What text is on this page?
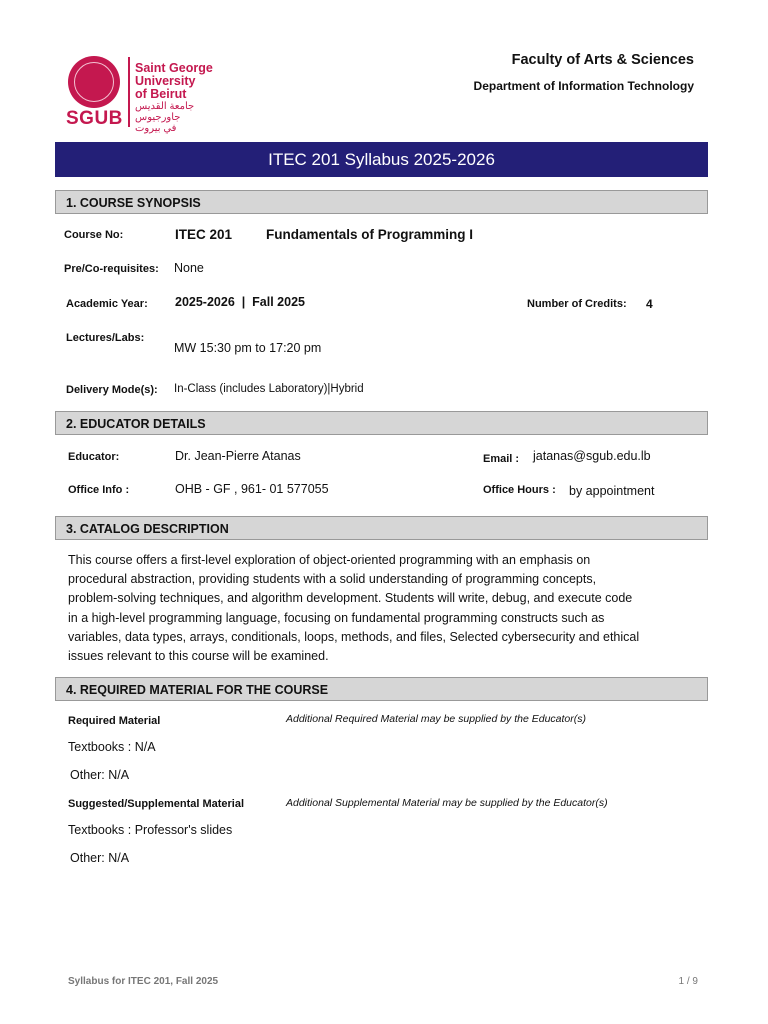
SGUB
Saint George
University
of Beirut
جامعة القديس جاورجيوس
في بيروت
Faculty of Arts & Sciences
Department of Information Technology
ITEC 201 Syllabus 2025-2026
1. COURSE SYNOPSIS
Course No:	ITEC 201	Fundamentals of Programming I
Pre/Co-requisites: None
Academic Year: 2025-2026  |  Fall 2025	Number of Credits: 4
Lectures/Labs:
MW 15:30 pm to 17:20 pm
Delivery Mode(s): In-Class (includes Laboratory)|Hybrid
2. EDUCATOR DETAILS
Educator:	Dr. Jean-Pierre Atanas	Email : jatanas@sgub.edu.lb
Office Info :	OHB - GF , 961- 01 577055	Office Hours : by appointment
3. CATALOG DESCRIPTION
This course offers a first-level exploration of object-oriented programming with an emphasis on
procedural abstraction, providing students with a solid understanding of programming concepts,
problem-solving techniques, and algorithm development. Students will write, debug, and execute code
in a high-level programming language, focusing on fundamental programming constructs such as
variables, data types, arrays, conditionals, loops, methods, and files, Selected cybersecurity and ethical
issues relevant to this course will be examined.
4. REQUIRED MATERIAL FOR THE COURSE
Required Material	Additional Required Material may be supplied by the Educator(s)
Textbooks : N/A
Other: N/A
Suggested/Supplemental Material	Additional Supplemental Material may be supplied by the Educator(s)
Textbooks : Professor's slides
Other: N/A
Syllabus for ITEC 201, Fall 2025	1 / 9
